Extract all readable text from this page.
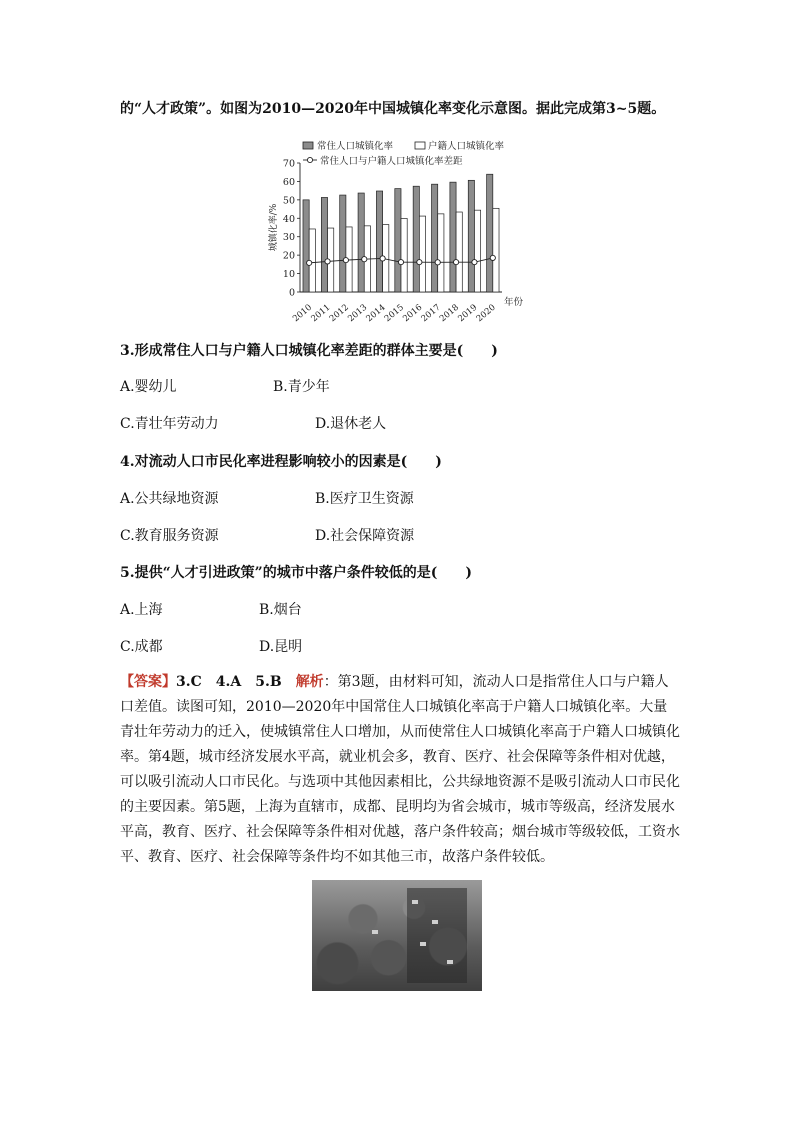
的“人才政策”。如图为2010—2020年中国城镇化率变化示意图。据此完成第3~5题。
常住人口城镇化率	户籍人口城镇化率
常住人口与户籍人口城镇化率差距
0
10
20
30
40
50
60
70
城镇化率/%
年份
2010
2011
2012
2013
2014
2015
2016
2017
2018
2019
2020
3.形成常住人口与户籍人口城镇化率差距的群体主要是(　　)
A.婴幼儿	B.青少年
C.青壮年劳动力	D.退休老人
4.对流动人口市民化率进程影响较小的因素是(　　)
A.公共绿地资源	B.医疗卫生资源
C.教育服务资源	D.社会保障资源
5.提供“人才引进政策”的城市中落户条件较低的是(　　)
A.上海	B.烟台
C.成都	D.昆明
【答案】3.C　4.A　5.B　解析：第3题，由材料可知，流动人口是指常住人口与户籍人口差值。读图可知，2010—2020年中国常住人口城镇化率高于户籍人口城镇化率。大量青壮年劳动力的迁入，使城镇常住人口增加，从而使常住人口城镇化率高于户籍人口城镇化率。第4题，城市经济发展水平高，就业机会多，教育、医疗、社会保障等条件相对优越，可以吸引流动人口市民化。与选项中其他因素相比，公共绿地资源不是吸引流动人口市民化的主要因素。第5题，上海为直辖市，成都、昆明均为省会城市，城市等级高，经济发展水平高，教育、医疗、社会保障等条件相对优越，落户条件较高；烟台城市等级较低，工资水平、教育、医疗、社会保障等条件均不如其他三市，故落户条件较低。
